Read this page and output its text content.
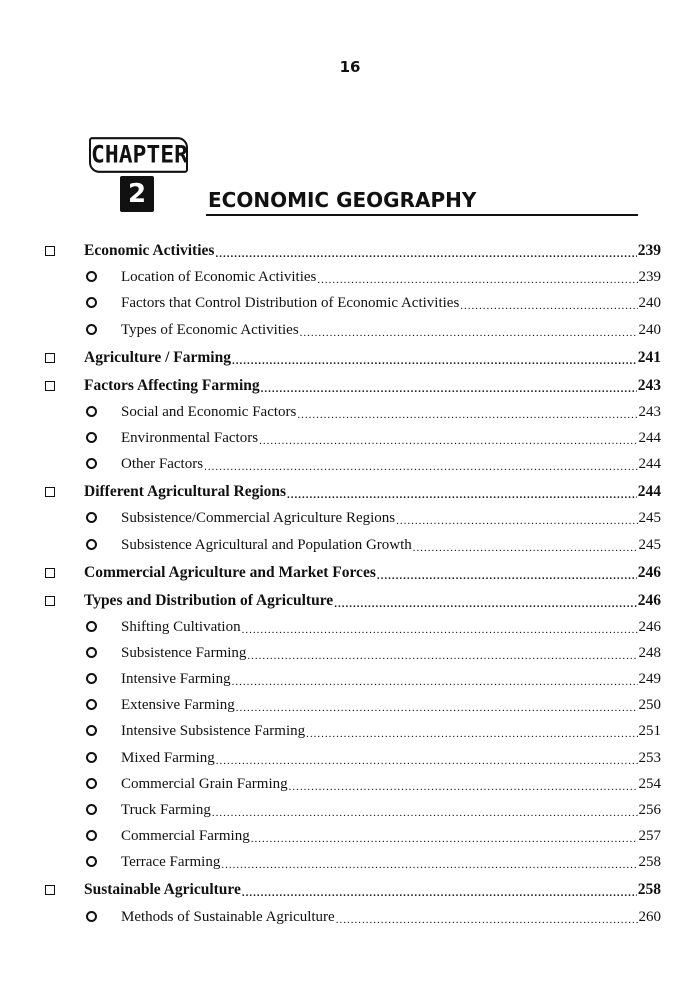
16
CHAPTER
2	ECONOMIC GEOGRAPHY
Economic Activities .....	239
Location of Economic Activities .....	239
Factors that Control Distribution of Economic Activities .....	240
Types of Economic Activities .....	240
Agriculture / Farming .....	241
Factors Affecting Farming .....	243
Social and Economic Factors .....	243
Environmental Factors .....	244
Other Factors .....	244
Different Agricultural Regions .....	244
Subsistence/Commercial Agriculture Regions .....	245
Subsistence Agricultural and Population Growth .....	245
Commercial Agriculture and Market Forces .....	246
Types and Distribution of Agriculture .....	246
Shifting Cultivation .....	246
Subsistence Farming .....	248
Intensive Farming .....	249
Extensive Farming .....	250
Intensive Subsistence Farming .....	251
Mixed Farming .....	253
Commercial Grain Farming .....	254
Truck Farming .....	256
Commercial Farming .....	257
Terrace Farming .....	258
Sustainable Agriculture .....	258
Methods of Sustainable Agriculture .....	260
